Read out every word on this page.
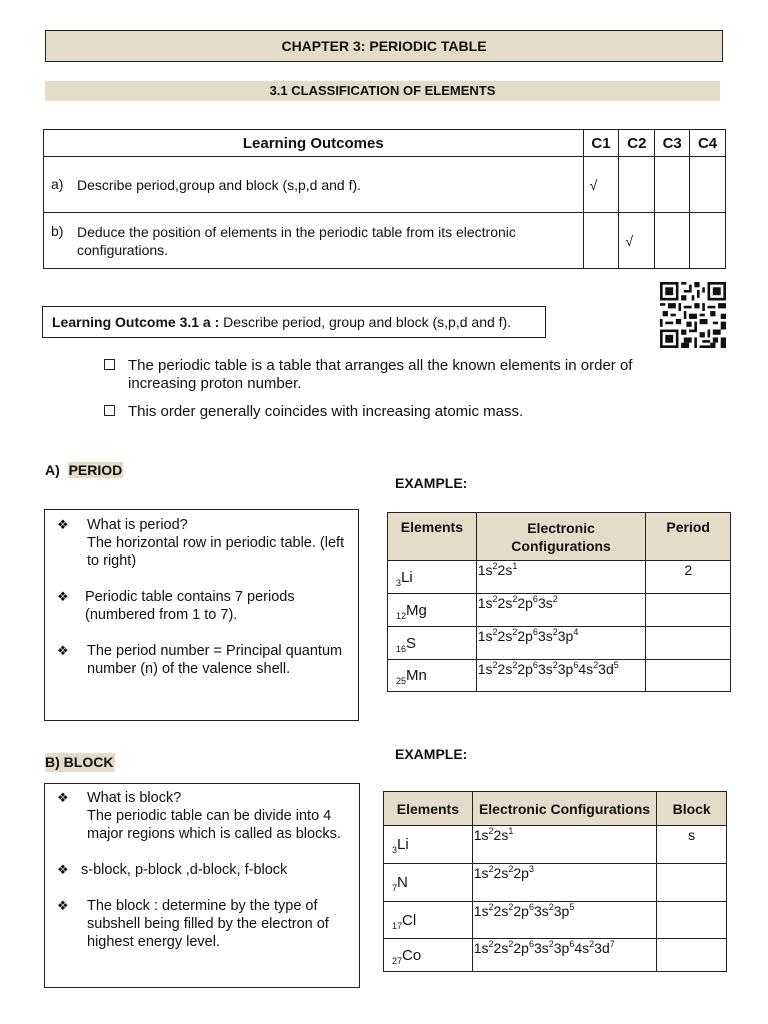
CHAPTER 3: PERIODIC TABLE
3.1 CLASSIFICATION OF ELEMENTS
Learning Outcomes	C1	C2	C3	C4
a) Describe period,group and block (s,p,d and f).	√			
b) Deduce the position of elements in the periodic table from its electronic configurations.		√		
Learning Outcome 3.1 a : Describe period, group and block (s,p,d and f).
The periodic table is a table that arranges all the known elements in order of increasing proton number.
This order generally coincides with increasing atomic mass.
A) PERIOD
EXAMPLE:
❖ What is period?
The horizontal row in periodic table. (left to right)
❖ Periodic table contains 7 periods (numbered from 1 to 7).
❖ The period number = Principal quantum number (n) of the valence shell.
Elements	Electronic Configurations	Period
$_3$Li	$1s^22s^1$	2
$_{12}$Mg	$1s^22s^22p^63s^2$	
$_{16}$S	$1s^22s^22p^63s^23p^4$	
$_{25}$Mn	$1s^22s^22p^63s^23p^64s^23d^5$	
B) BLOCK	EXAMPLE:
❖ What is block?
The periodic table can be divide into 4 major regions which is called as blocks.
❖ s-block, p-block ,d-block, f-block
❖ The block : determine by the type of subshell being filled by the electron of highest energy level.
Elements	Electronic Configurations	Block
$_3$Li	$1s^22s^1$	s
$_7$N	$1s^22s^22p^3$	
$_{17}$Cl	$1s^22s^22p^63s^23p^5$	
$_{27}$Co	$1s^22s^22p^63s^23p^64s^23d^7$	
